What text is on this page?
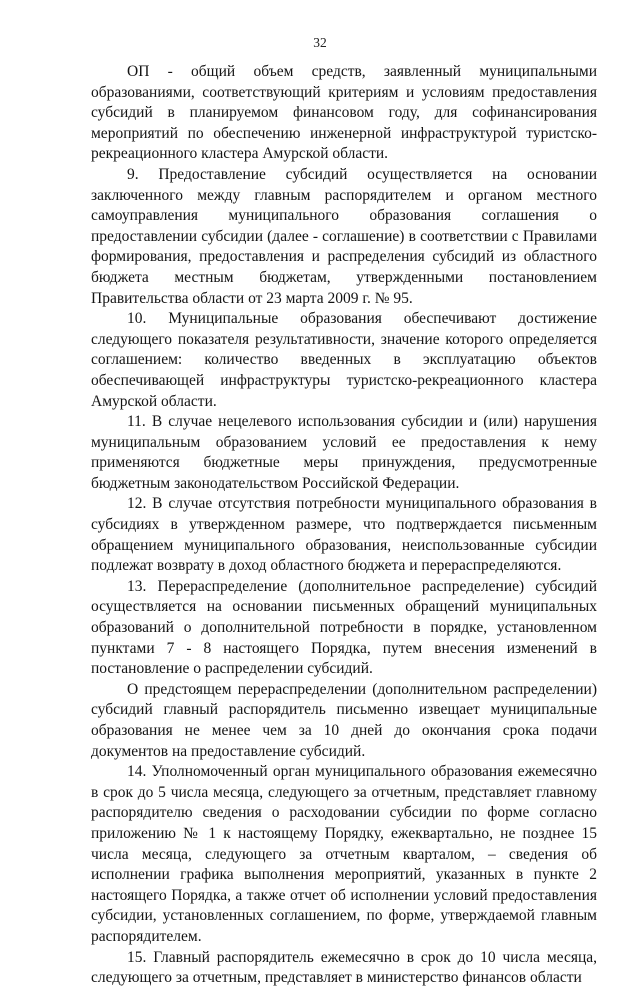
32

ОП - общий объем средств, заявленный муниципальными образованиями, соответствующий критериям и условиям предоставления субсидий в планируемом финансовом году, для софинансирования мероприятий по обеспечению инженерной инфраструктурой туристско-рекреационного кластера Амурской области.

9. Предоставление субсидий осуществляется на основании заключенного между главным распорядителем и органом местного самоуправления муниципального образования соглашения о предоставлении субсидии (далее - соглашение) в соответствии с Правилами формирования, предоставления и распределения субсидий из областного бюджета местным бюджетам, утвержденными постановлением Правительства области от 23 марта 2009 г. № 95.

10. Муниципальные образования обеспечивают достижение следующего показателя результативности, значение которого определяется соглашением: количество введенных в эксплуатацию объектов обеспечивающей инфраструктуры туристско-рекреационного кластера Амурской области.

11. В случае нецелевого использования субсидии и (или) нарушения муниципальным образованием условий ее предоставления к нему применяются бюджетные меры принуждения, предусмотренные бюджетным законодательством Российской Федерации.

12. В случае отсутствия потребности муниципального образования в субсидиях в утвержденном размере, что подтверждается письменным обращением муниципального образования, неиспользованные субсидии подлежат возврату в доход областного бюджета и перераспределяются.

13. Перераспределение (дополнительное распределение) субсидий осуществляется на основании письменных обращений муниципальных образований о дополнительной потребности в порядке, установленном пунктами 7 - 8 настоящего Порядка, путем внесения изменений в постановление о распределении субсидий.

О предстоящем перераспределении (дополнительном распределении) субсидий главный распорядитель письменно извещает муниципальные образования не менее чем за 10 дней до окончания срока подачи документов на предоставление субсидий.

14. Уполномоченный орган муниципального образования ежемесячно в срок до 5 числа месяца, следующего за отчетным, представляет главному распорядителю сведения о расходовании субсидии по форме согласно приложению № 1 к настоящему Порядку, ежеквартально, не позднее 15 числа месяца, следующего за отчетным кварталом, – сведения об исполнении графика выполнения мероприятий, указанных в пункте 2 настоящего Порядка, а также отчет об исполнении условий предоставления субсидии, установленных соглашением, по форме, утверждаемой главным распорядителем.

15. Главный распорядитель ежемесячно в срок до 10 числа месяца, следующего за отчетным, представляет в министерство финансов области
